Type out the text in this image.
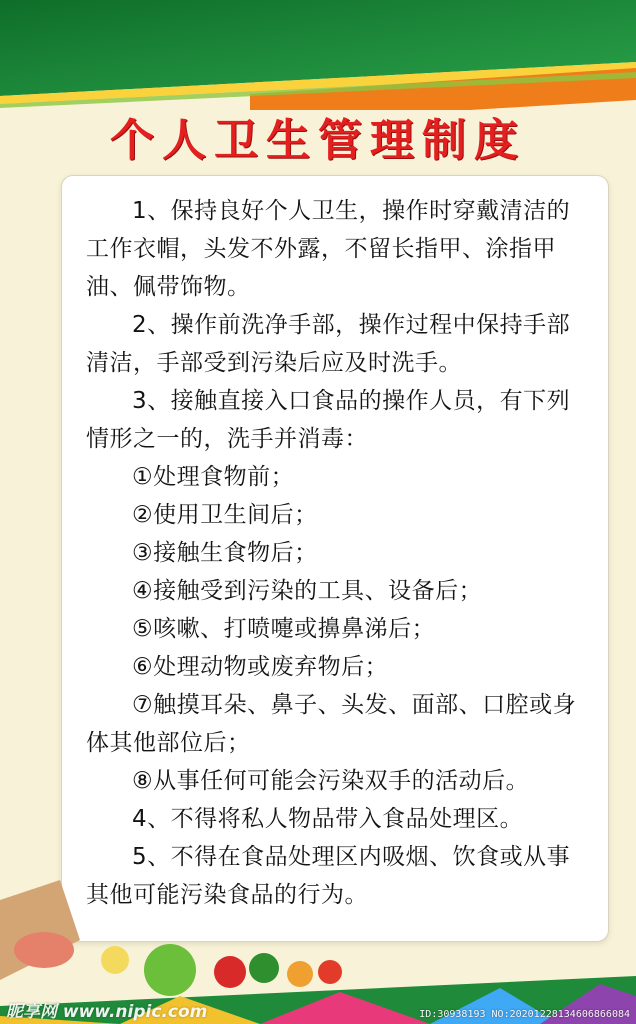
个人卫生管理制度
1、保持良好个人卫生，操作时穿戴清洁的工作衣帽，头发不外露，不留长指甲、涂指甲油、佩带饰物。
2、操作前洗净手部，操作过程中保持手部清洁，手部受到污染后应及时洗手。
3、接触直接入口食品的操作人员，有下列情形之一的，洗手并消毒：
①处理食物前；
②使用卫生间后；
③接触生食物后；
④接触受到污染的工具、设备后；
⑤咳嗽、打喷嚏或擤鼻涕后；
⑥处理动物或废弃物后；
⑦触摸耳朵、鼻子、头发、面部、口腔或身体其他部位后；
⑧从事任何可能会污染双手的活动后。
4、不得将私人物品带入食品处理区。
5、不得在食品处理区内吸烟、饮食或从事其他可能污染食品的行为。
昵享网 www.nipic.com	ID:30938193 NO:20201228134606866084
